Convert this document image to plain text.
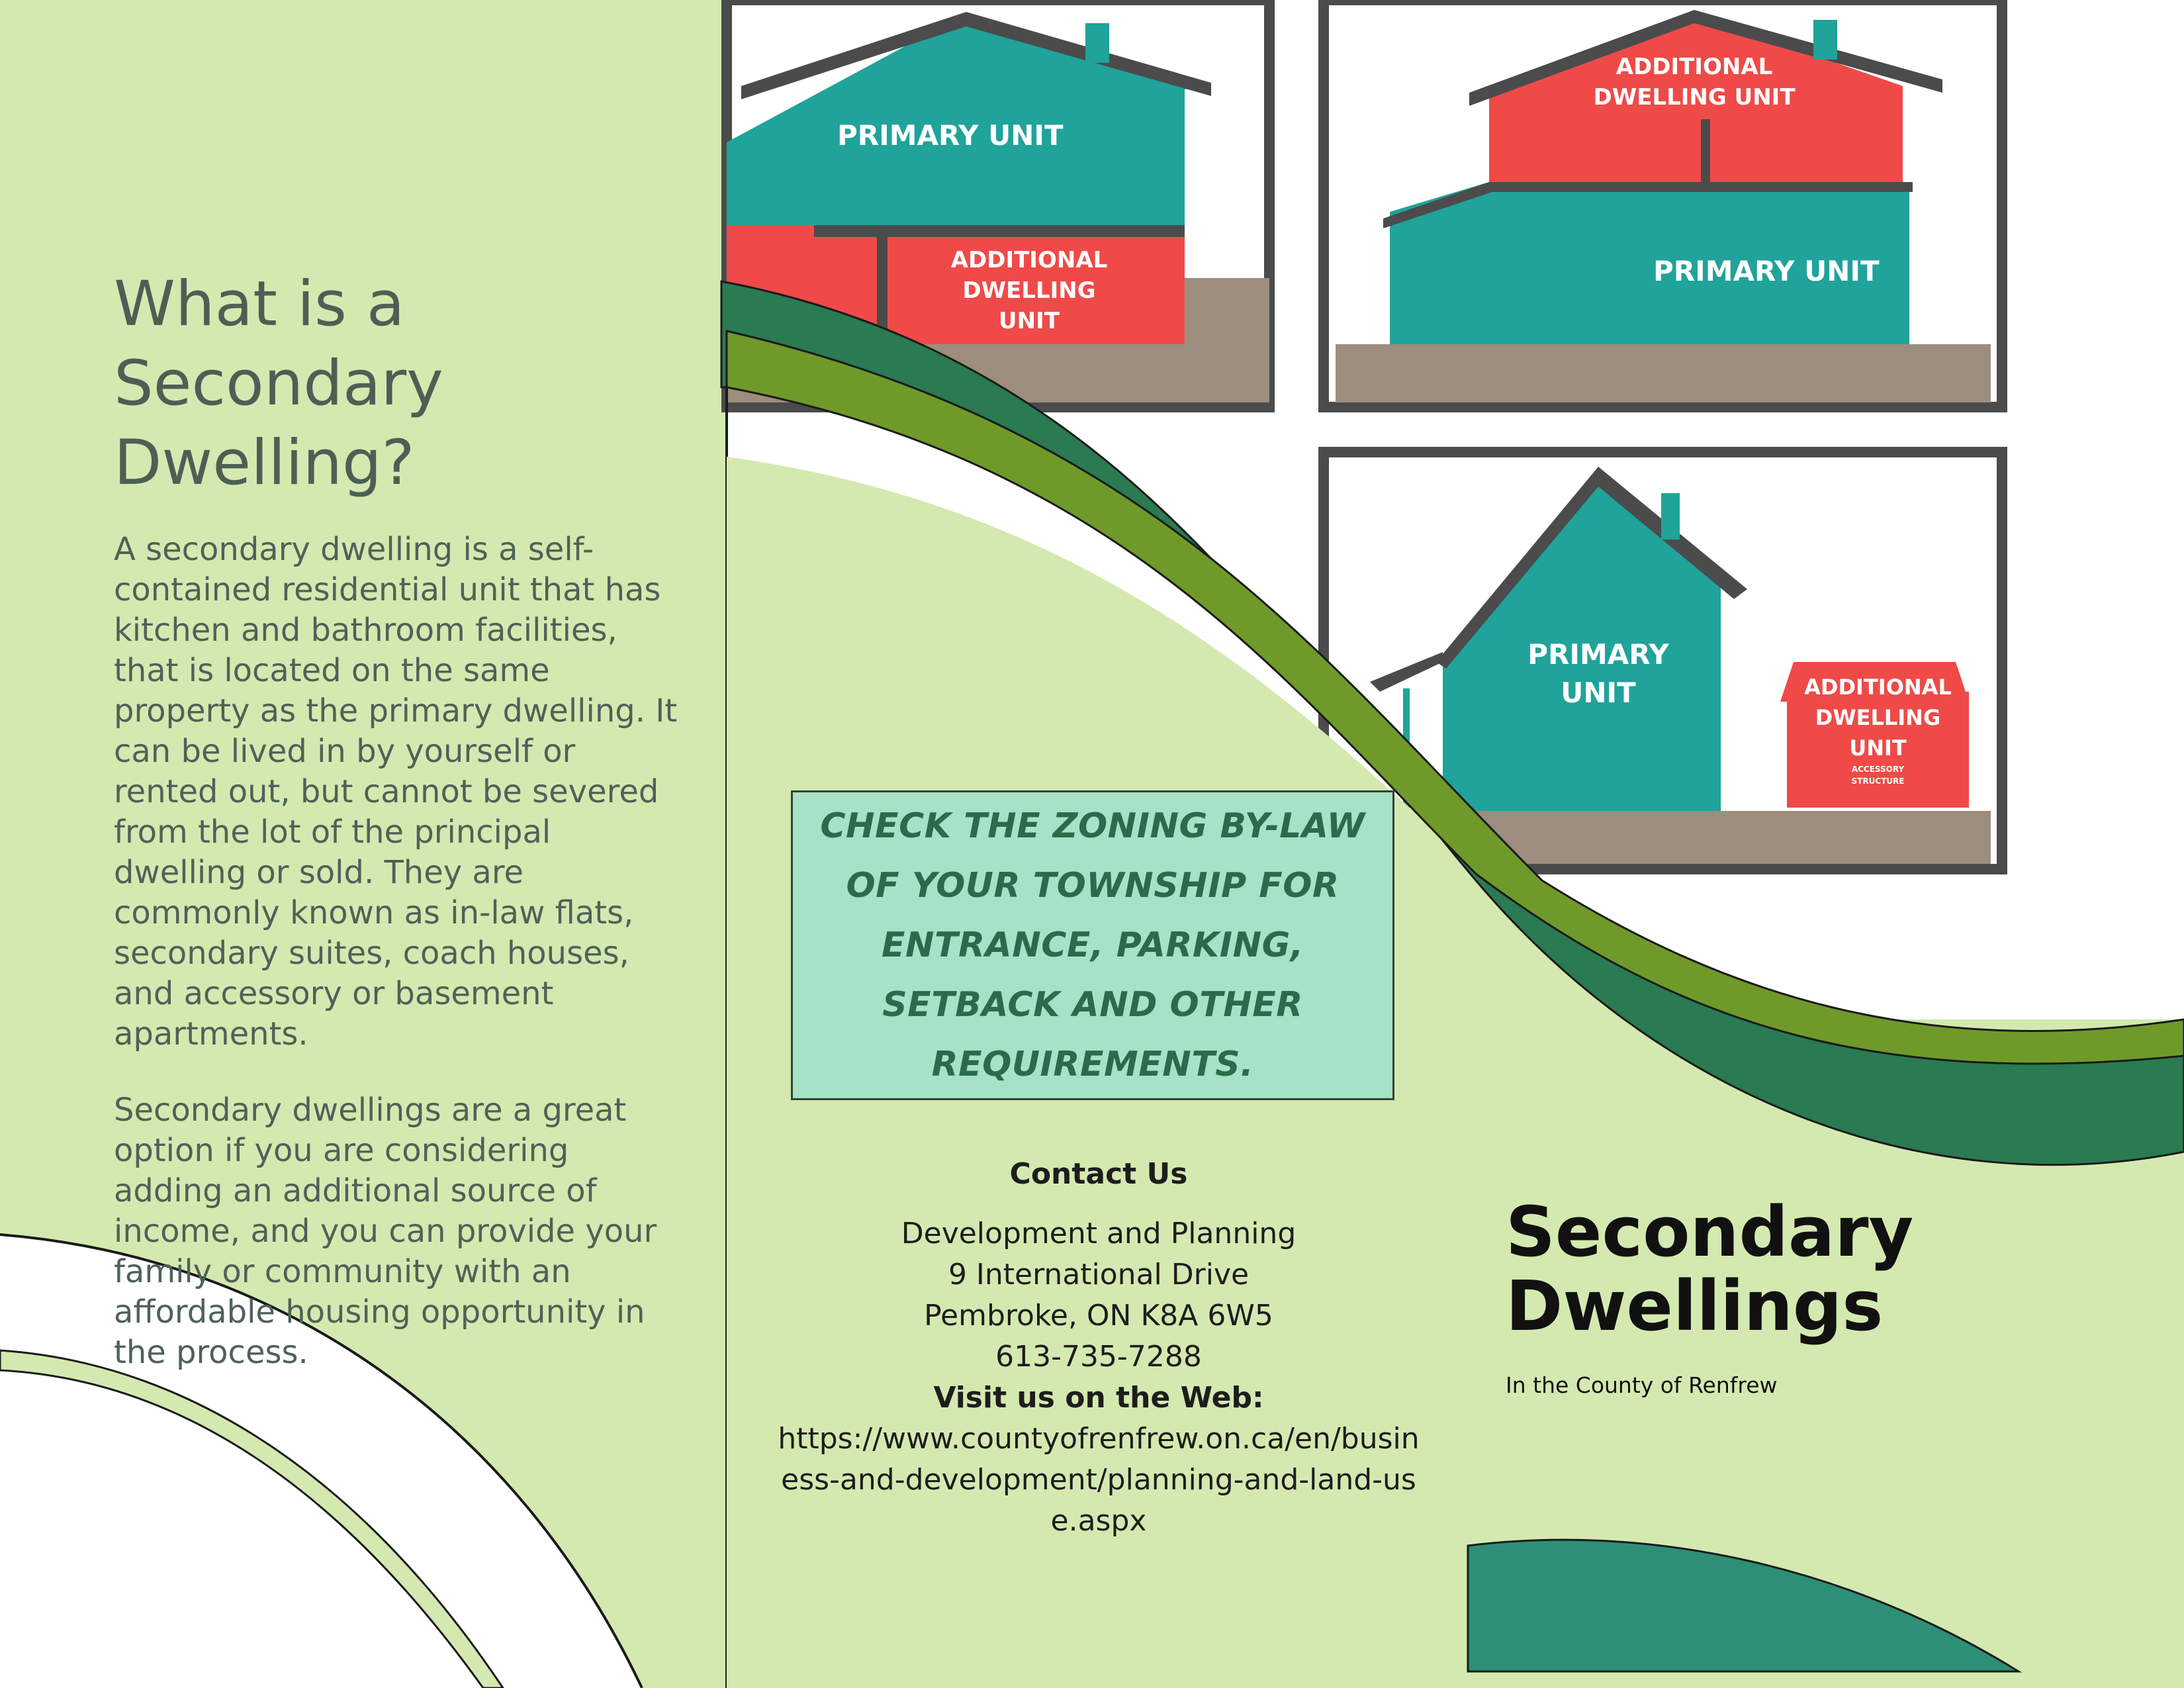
PRIMARY UNIT
ADDITIONAL
DWELLING
UNIT
ADDITIONAL
DWELLING UNIT
PRIMARY UNIT
PRIMARY
UNIT	ADDITIONAL
DWELLING
UNIT
ACCESSORY
STRUCTURE
What is a Secondary Dwelling?

A secondary dwelling is a self-contained residential unit that has kitchen and bathroom facilities, that is located on the same property as the primary dwelling. It can be lived in by yourself or rented out, but cannot be severed from the lot of the principal dwelling or sold. They are commonly known as in-law flats, secondary suites, coach houses, and accessory or basement apartments.

Secondary dwellings are a great option if you are considering adding an additional source of income, and you can provide your family or community with an affordable housing opportunity in the process.

CHECK THE ZONING BY-LAW OF YOUR TOWNSHIP FOR ENTRANCE, PARKING, SETBACK AND OTHER REQUIREMENTS.
Contact Us
Development and Planning
9 International Drive
Pembroke, ON K8A 6W5
613-735-7288
Visit us on the Web:
https://www.countyofrenfrew.on.ca/en/business-and-development/planning-and-land-use.aspx
Secondary
Dwellings
In the County of Renfrew
